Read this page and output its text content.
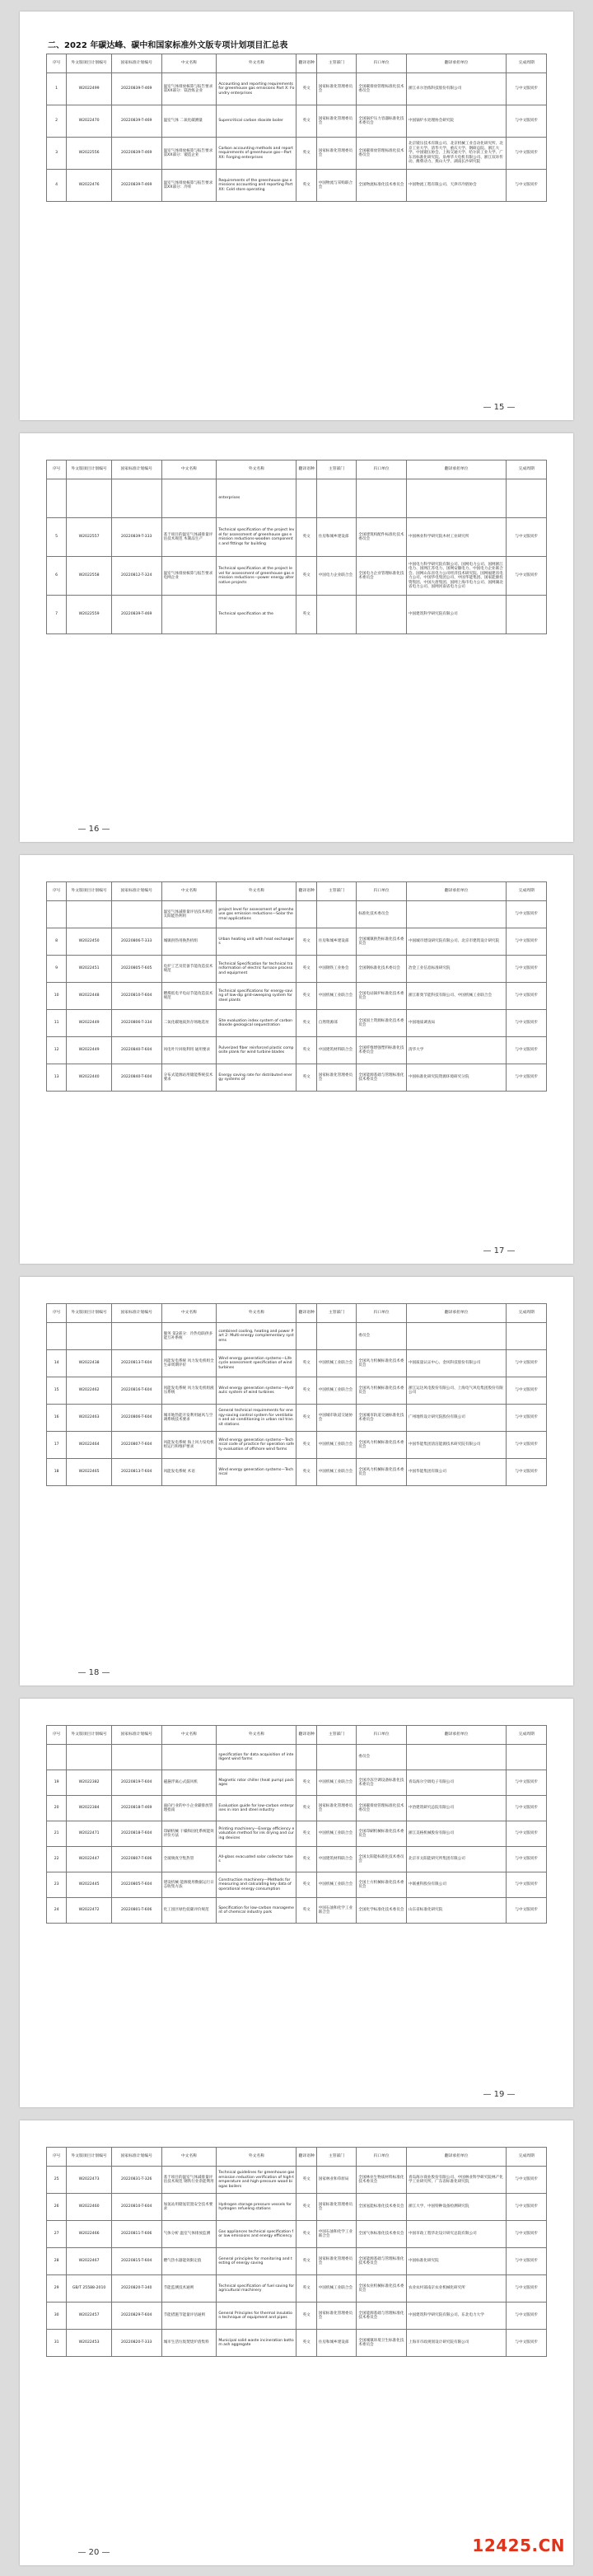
二、2022 年碳达峰、碳中和国家标准外文版专项计划项目汇总表
序号	外文版项目计划编号	国家标准计划编号	中文名称	外文名称	翻译语种	主管部门	归口单位	翻译承担单位	完成周期
1	W2022499	20220839-T-469	温室气体排放核算与报告要求 第XX部分：镁冶炼企业	Accounting and reporting requirements for greenhouse gas emissions Part X: Foundry enterprises	英文	国家标准化管理委员会	全国碳排放管理标准化技术委员会	浙江卓尔冶炼科技股份有限公司	与中文版同步
2	W2022470	20220839-T-469	温室气体 二氧化碳测量	Supercritical carbon dioxide boiler	英文	国家标准化管理委员会	全国锅炉压力容器标准化技术委员会	中国锅炉水处理协会研究院	与中文版同步
3	W2022556	20220839-T-469	温室气体排放核算与报告要求 第XX部分：锻造企业	Carbon accounting methods and report requirements of greenhouse gas—Part XX: Forging enterprises	英文	国家标准化管理委员会	全国碳排放管理标准化技术委员会	北京锻压技术有限公司、北京机械工业自动化研究所、北京工业大学、清华大学、重庆大学、钢研总院、浙江大学、中国锻压协会、上海交通大学、哈尔滨工业大学、广东省标准化研究院、泉州华大电机有限公司、浙江双环传动、潍柴动力、燕山大学、湖南长沙研究院	与中文版同步
4	W2022476	20220839-T-469	温室气体排放核算与报告要求 第XX部分：冷库	Requirements of the greenhouse gas emissions accounting and reporting Part XX: Cold store operating	英文	中国物流与采购联合会	全国物流标准化技术委员会	中国物流工程有限公司、天津市冷链协会	与中文版同步
— 15 —
序号	外文版项目计划编号	国家标准计划编号	中文名称	外文名称	翻译语种	主管部门	归口单位	翻译承担单位	完成周期
				enterprises					
5	W2022557	20220839-T-333	基于项目的温室气体减排量评估技术规范 木制品生产	Technical specification of the project level for assessment of greenhouse gas emission reductions-wooden components and fittings for building	英文	住房和城乡建设部	全国建筑构配件标准化技术委员会	中国林业科学研究院木材工业研究所	与中文版同步
6	W2022558	20220812-T-324	温室气体排放核算与报告要求 电网企业	Technical specification at the project level for assessment of greenhouse gas emission reductions—power energy alternative projects	英文	中国电力企业联合会	全国电力企业管理标准化技术委员会	中国电力科学研究院有限公司、国网电力公司、国网浙江电力、国网江苏电力、国网安徽电力、中国电力企业联合会、国网山东省电力公司经济技术研究院、国网福建省电力公司、中国华电集团公司、中国华能集团、国家能源投资集团、中国大唐集团、国网上海市电力公司、国网湖北省电力公司、国网河南省电力公司	与中文版同步
7	W2022559	20220839-T-469		Technical specification at the	英文			中国建筑科学研究院有限公司	
— 16 —
序号	外文版项目计划编号	国家标准计划编号	中文名称	外文名称	翻译语种	主管部门	归口单位	翻译承担单位	完成周期
			温室气体减排量评估技术规范 太阳能热利用	project level for assessment of greenhouse gas emission reductions—Solar thermal applications			标准化技术委员会		与中文版同步
8	W2022450	20220806-T-333	城镇供热用换热机组	Urban heating unit with heat exchangers	英文	住房和城乡建设部	全国城镇供热标准化技术委员会	中国城市建设研究院有限公司、北京市建筑设计研究院	与中文版同步
9	W2022451	20220805-T-605	电炉工艺及装备节能改造技术规范	Technical Specification for technical transformation of electric furnace process and equipment	英文	中国钢铁工业协会	全国钢标准化技术委员会	冶金工业信息标准研究院	与中文版同步
10	W2022448	20220810-T-604	燃煤低电平电站节能改造技术规范	Technical specifications for energy-saving of low-dip grid-sweeping system for steel plants	英文	中国机械工业联合会	全国电站锅炉标准化技术委员会	浙江新奥节能科技有限公司、中国机械工业联合会	与中文版同步
11	W2022449	20220806-T-334	二氧化碳地质封存场地选址	Site evaluation index system of carbon dioxide geological sequestration	英文	自然资源部	全国国土资源标准化技术委员会	中国地质调查局	与中文版同步
12	W2022449	20220840-T-604	风电叶片回收利用 通用要求	Pulverized fiber reinforced plastic composite plank for wind turbine blades	英文	中国建筑材料联合会	全国纤维增强塑料标准化技术委员会	清华大学	与中文版同步
13	W2022440	20220840-T-604	分布式能源站用储能系统技术要求	Energy saving rate for distributed energy systems of	英文	国家标准化管理委员会	全国能源基础与管理标准化技术委员会	中国标准化研究院资源环境研究分院	与中文版同步
— 17 —
序号	外文版项目计划编号	国家标准计划编号	中文名称	外文名称	翻译语种	主管部门	归口单位	翻译承担单位	完成周期
			服务 第2部分：冷热电联供多能互补系统	combined cooling, heating and power Part 2: Multi-energy complementary systems			委员会		
14	W2022438	20220813-T-604	风能发电系统 风力发电机组全生命周期评价	Wind energy generation systems—Life cycle assessment specification of wind turbines	英文	中国机械工业联合会	全国风力机械标准化技术委员会	中国质量认证中心、金风科技股份有限公司	与中文版同步
15	W2022462	20220816-T-604	风能发电系统 风力发电机组液压系统	Wind energy generation systems—Hydraulic system of wind turbines	英文	中国机械工业联合会	全国风力机械标准化技术委员会	浙江运达风电股份有限公司、上海电气风电集团股份有限公司	与中文版同步
16	W2022463	20220806-T-604	城市地热能开发利用通风与空调系统技术要求	General technical requirements for energy-saving control system for ventilation and air conditioning in urban rail transit stations	英文	中国城市轨道交通协会	全国城市轨道交通标准化技术委员会	广州地铁设计研究院股份有限公司	与中文版同步
17	W2022464	20220807-T-604	风能发电系统 海上风力发电机组运行和维护要求	Wind energy generation systems—Technical code of practice for operation safety evaluation of offshore wind farms	英文	中国机械工业联合会	全国风力机械标准化技术委员会	中国华能集团清洁能源技术研究院有限公司	与中文版同步
18	W2022465	20220813-T-604	风能发电系统 术语	Wind energy generation systems—Technical	英文	中国机械工业联合会	全国风力机械标准化技术委员会	中国华能集团有限公司	与中文版同步
— 18 —
序号	外文版项目计划编号	国家标准计划编号	中文名称	外文名称	翻译语种	主管部门	归口单位	翻译承担单位	完成周期
				specification for data acquisition of intelligent wind farms			委员会		
19	W2022382	20220819-T-604	磁悬浮离心式鼓风机	Magnetic rotor chiller (heat pump) packages	英文	中国机械工业联合会	全国冷冻空调设备标准化技术委员会	青岛海尔空调电子有限公司	与中文版同步
20	W2022384	20220818-T-469	面向行业的中小企业碳排放管理指南	Evaluation guide for low-carbon enterprises in iron and steel industry	英文	国家标准化管理委员会	全国碳排放管理标准化技术委员会	中冶建筑研究总院有限公司	与中文版同步
21	W2022471	20220818-T-604	印刷机械 干燥和固化系统能效评价方法	Printing machinery—Energy efficiency evaluation method for ink drying and curing devices	英文	中国机械工业联合会	全国印刷机械标准化技术委员会	浙江美格机械股份有限公司	与中文版同步
22	W2022447	20220807-T-606	全玻璃真空集热管	All-glass evacuated solar collector tubes	英文	中国建筑材料联合会	全国太阳能标准化技术委员会	北京市太阳能研究所集团有限公司	与中文版同步
23	W2022445	20220805-T-604	建设机械 能源使用数据运行日志收集方法	Construction machinery—Methods for measuring and calculating key data of operational energy consumption	英文	中国机械工业联合会	全国土方机械标准化技术委员会	中联重科股份有限公司	与中文版同步
24	W2022472	20220801-T-606	化工园区绿色低碳评价规范	Specification for low-carbon management of chemical industry park	英文	中国石油和化学工业联合会	全国化学标准化技术委员会	山东省标准化研究院	与中文版同步
— 19 —
序号	外文版项目计划编号	国家标准计划编号	中文名称	外文名称	翻译语种	主管部门	归口单位	翻译承担单位	完成周期
25	W2022473	20220831-T-326	基于项目的温室气体减排量评估技术规范 钢铁行业余能利用	Technical guidelines for greenhouse gas emission reduction verification of high-temperature and high-pressure wood biogas boilers	英文	国家林业和草原局	全国林业生物质材料标准化技术委员会	青岛海尔商业股份有限公司、中国林业科学研究院林产化学工业研究所、广东省标准化研究院	与中文版同步
26	W2022460	20220810-T-604	加氢站用储氢装置安全技术要求	Hydrogen storage pressure vessels for hydrogen refueling stations	英文	国家标准化管理委员会	全国氢能标准化技术委员会	浙江大学、中国特种设备检测研究院	与中文版同步
27	W2022466	20220811-T-606	气体分析 温室气体排放监测	Gas appliances technical specification for low emissions and energy efficiency	英文	中国石油和化学工业联合会	全国气体标准化技术委员会	中国市政工程华北设计研究总院有限公司	与中文版同步
28	W2022467	20220815-T-604	燃气热水器能效限定值	General principles for monitoring and testing of energy saving	英文	国家标准化管理委员会	全国能源基础与管理标准化技术委员会	中国标准化研究院	与中文版同步
29	GB/T 25588-2010	20220820-T-340	节能监测技术通则	Technical specification of fuel saving for agricultural machinery	英文	中国机械工业联合会	全国农业机械标准化技术委员会	农业农村部南京农业机械化研究所	与中文版同步
30	W2022457	20220829-T-604	节能措施节能量评估通则	General Principles for thermal insulation technique of equipment and pipes	英文	国家标准化管理委员会	全国能源基础与管理标准化技术委员会	中国建筑科学研究院有限公司、东北电力大学	与中文版同步
31	W2022453	20220820-T-333	城市生活垃圾焚烧炉渣集料	Municipal solid waste incineration bottom ash aggregate	英文	住房和城乡建设部	全国城镇环境卫生标准化技术委员会	上海市市政规划设计研究院有限公司	与中文版同步
— 20 —	12425.CN
